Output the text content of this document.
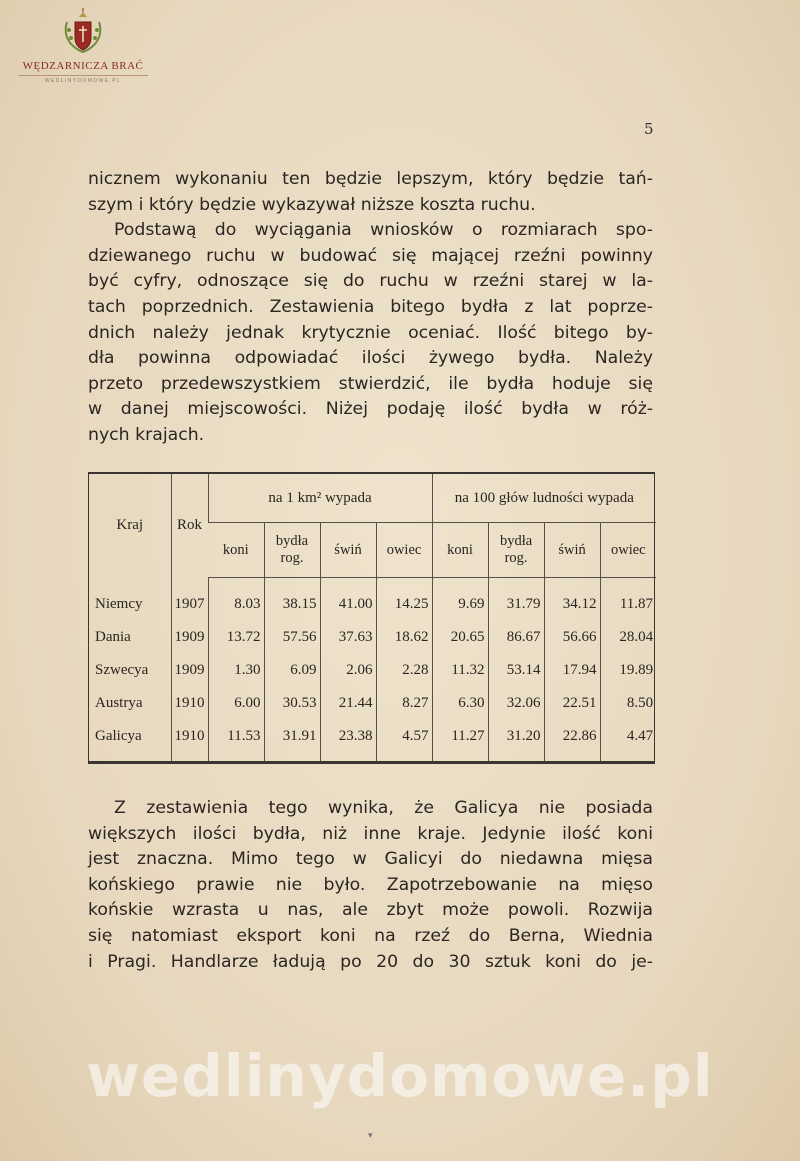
WĘDZARNICZA BRAĆ
WEDLINYDOMOWE.PL
5
nicznem wykonaniu ten będzie lepszym, który będzie tań-
szym i który będzie wykazywał niższe koszta ruchu.
Podstawą do wyciągania wniosków o rozmiarach spo-
dziewanego ruchu w budować się mającej rzeźni powinny
być cyfry, odnoszące się do ruchu w rzeźni starej w la-
tach poprzednich. Zestawienia bitego bydła z lat poprze-
dnich należy jednak krytycznie oceniać. Ilość bitego by-
dła powinna odpowiadać ilości żywego bydła. Należy
przeto przedewszystkiem stwierdzić, ile bydła hoduje się
w danej miejscowości. Niżej podaję ilość bydła w róż-
nych krajach.
Kraj	Rok	na 1 km² wypada				na 100 głów ludności wypada			
		koni	bydła rog.	świń	owiec	koni	bydła rog.	świń	owiec
Niemcy	1907	8.03	38.15	41.00	14.25	9.69	31.79	34.12	11.87
Dania	1909	13.72	57.56	37.63	18.62	20.65	86.67	56.66	28.04
Szwecya	1909	1.30	6.09	2.06	2.28	11.32	53.14	17.94	19.89
Austrya	1910	6.00	30.53	21.44	8.27	6.30	32.06	22.51	8.50
Galicya	1910	11.53	31.91	23.38	4.57	11.27	31.20	22.86	4.47
Z zestawienia tego wynika, że Galicya nie posiada
większych ilości bydła, niż inne kraje. Jedynie ilość koni
jest znaczna. Mimo tego w Galicyi do niedawna mięsa
końskiego prawie nie było. Zapotrzebowanie na mięso
końskie wzrasta u nas, ale zbyt może powoli. Rozwija
się natomiast eksport koni na rzeź do Berna, Wiednia
i Pragi. Handlarze ładują po 20 do 30 sztuk koni do je-
wedlinydomowe.pl
▾
